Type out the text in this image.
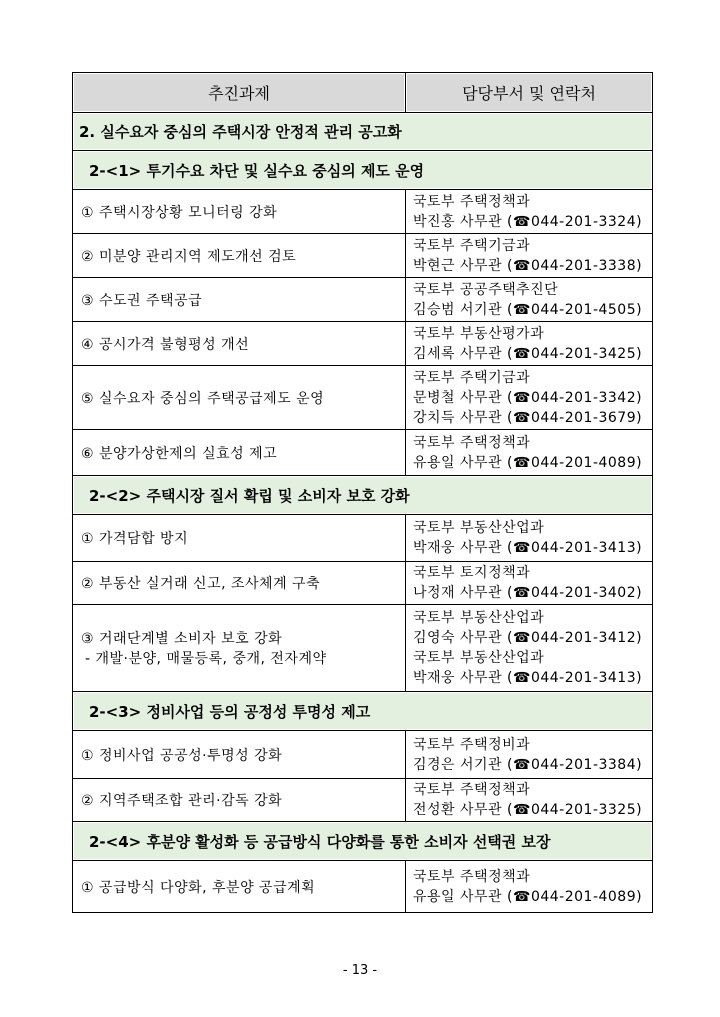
추진과제	담당부서 및 연락처
2. 실수요자 중심의 주택시장 안정적 관리 공고화	
2-<1> 투기수요 차단 및 실수요 중심의 제도 운영	
① 주택시장상황 모니터링 강화	국토부 주택정책과
박진홍 사무관 (☎044-201-3324)

② 미분양 관리지역 제도개선 검토	국토부 주택기금과
박현근 사무관 (☎044-201-3338)

③ 수도권 주택공급	국토부 공공주택추진단
김승범 서기관 (☎044-201-4505)

④ 공시가격 불형평성 개선	국토부 부동산평가과
김세록 사무관 (☎044-201-3425)

⑤ 실수요자 중심의 주택공급제도 운영	국토부 주택기금과
문병철 사무관 (☎044-201-3342)
강치득 사무관 (☎044-201-3679)

⑥ 분양가상한제의 실효성 제고	국토부 주택정책과
유용일 사무관 (☎044-201-4089)

2-<2> 주택시장 질서 확립 및 소비자 보호 강화	
① 가격담합 방지	국토부 부동산산업과
박재웅 사무관 (☎044-201-3413)

② 부동산 실거래 신고, 조사체계 구축	국토부 토지정책과
나정재 사무관 (☎044-201-3402)

③ 거래단계별 소비자 보호 강화
- 개발·분양, 매물등록, 중개, 전자계약	국토부 부동산산업과
김영숙 사무관 (☎044-201-3412)
국토부 부동산산업과
박재웅 사무관 (☎044-201-3413)

2-<3> 정비사업 등의 공정성 투명성 제고	
① 정비사업 공공성·투명성 강화	국토부 주택정비과
김경은 서기관 (☎044-201-3384)

② 지역주택조합 관리·감독 강화	국토부 주택정책과
전성환 사무관 (☎044-201-3325)

2-<4> 후분양 활성화 등 공급방식 다양화를 통한 소비자 선택권 보장	
① 공급방식 다양화, 후분양 공급계획	국토부 주택정책과
유용일 사무관 (☎044-201-4089)
- 13 -
